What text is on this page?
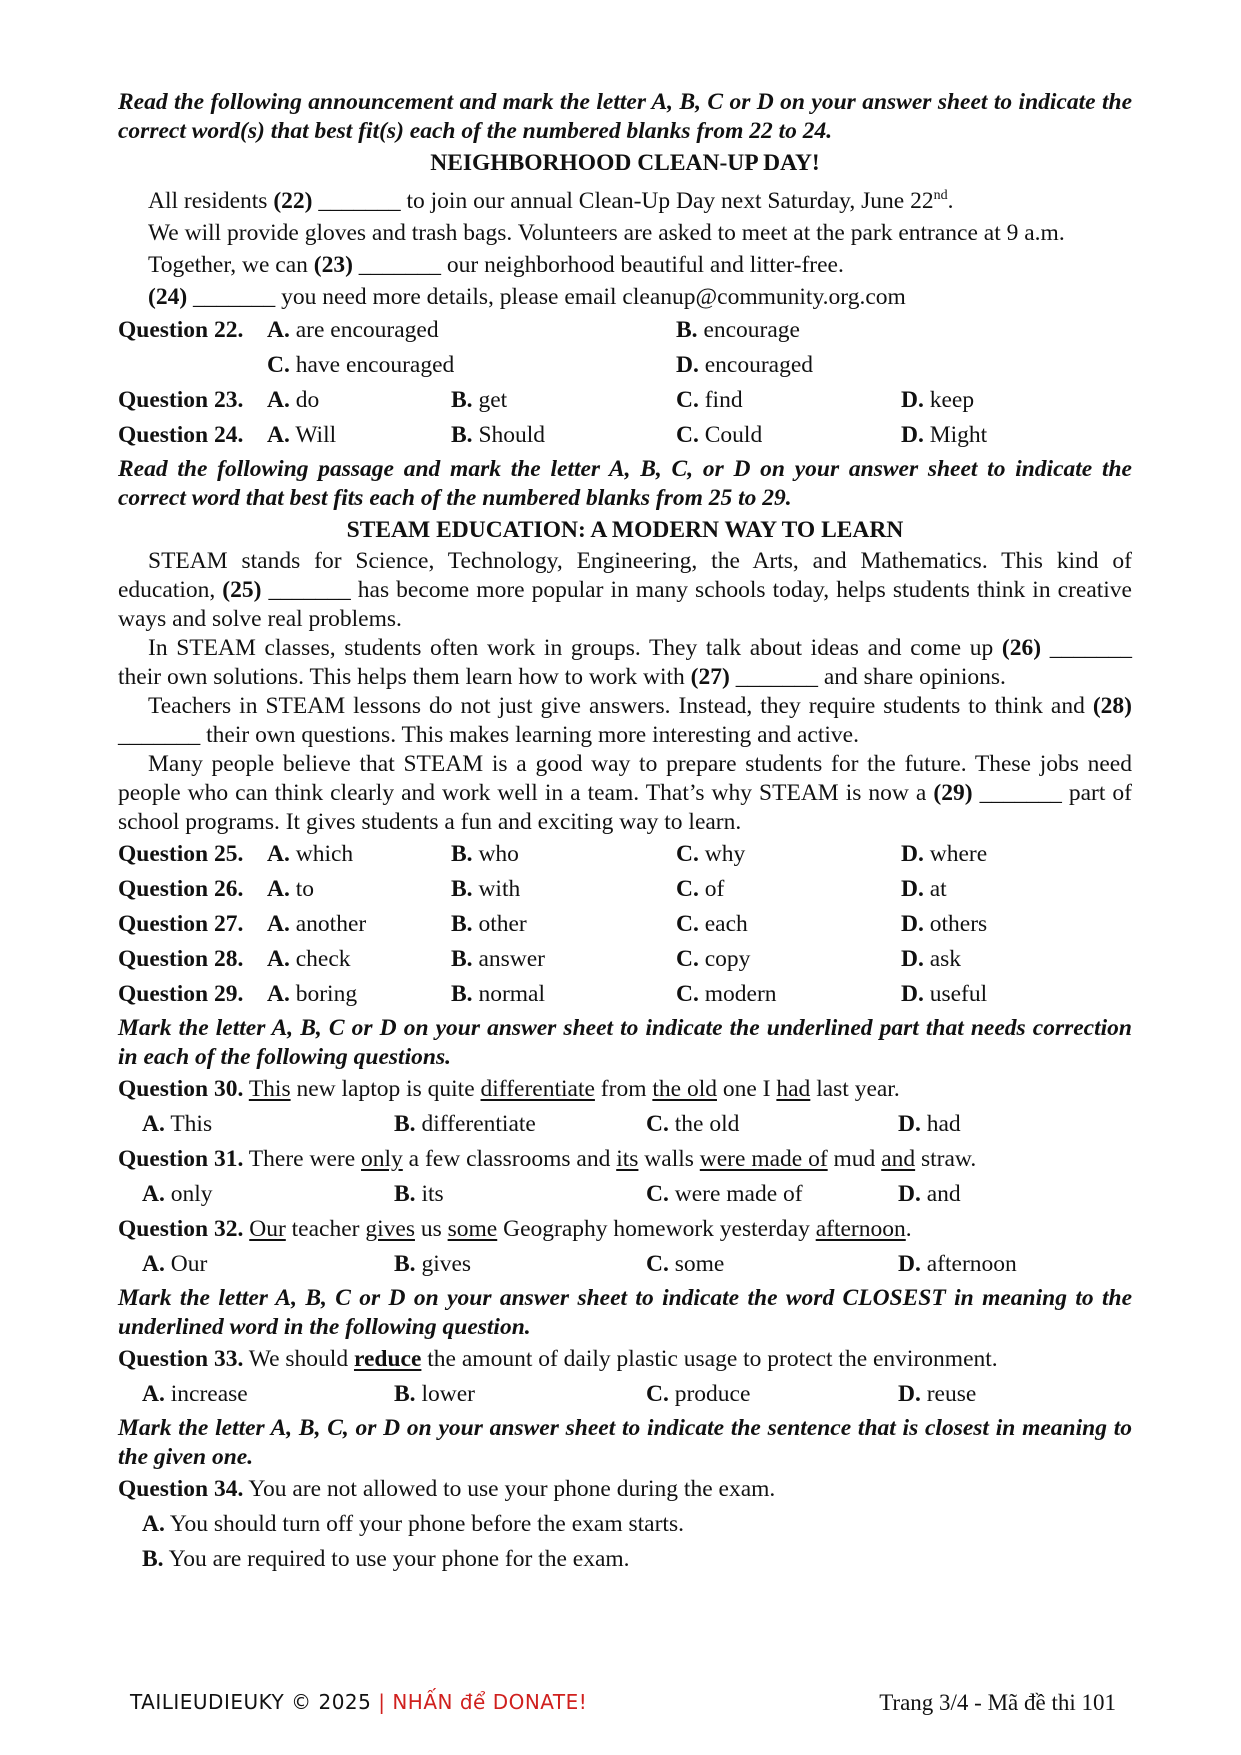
Read the following announcement and mark the letter A, B, C or D on your answer sheet to indicate the correct word(s) that best fit(s) each of the numbered blanks from 22 to 24.

NEIGHBORHOOD CLEAN-UP DAY!

All residents (22) _______ to join our annual Clean-Up Day next Saturday, June 22nd.
We will provide gloves and trash bags. Volunteers are asked to meet at the park entrance at 9 a.m.
Together, we can (23) _______ our neighborhood beautiful and litter-free.
(24) _______ you need more details, please email cleanup@community.org.com
Question 22.	A. are encouraged	B. encourage
C. have encouraged	D. encouraged
Question 23.	A. do	B. get	C. find	D. keep
Question 24.	A. Will	B. Should	C. Could	D. Might

Read the following passage and mark the letter A, B, C, or D on your answer sheet to indicate the correct word that best fits each of the numbered blanks from 25 to 29.

STEAM EDUCATION: A MODERN WAY TO LEARN

STEAM stands for Science, Technology, Engineering, the Arts, and Mathematics. This kind of education, (25) _______ has become more popular in many schools today, helps students think in creative ways and solve real problems.

In STEAM classes, students often work in groups. They talk about ideas and come up (26) _______ their own solutions. This helps them learn how to work with (27) _______ and share opinions.

Teachers in STEAM lessons do not just give answers. Instead, they require students to think and (28) _______ their own questions. This makes learning more interesting and active.

Many people believe that STEAM is a good way to prepare students for the future. These jobs need people who can think clearly and work well in a team. That’s why STEAM is now a (29) _______ part of school programs. It gives students a fun and exciting way to learn.

Question 25.	A. which	B. who	C. why	D. where
Question 26.	A. to	B. with	C. of	D. at
Question 27.	A. another	B. other	C. each	D. others
Question 28.	A. check	B. answer	C. copy	D. ask
Question 29.	A. boring	B. normal	C. modern	D. useful

Mark the letter A, B, C or D on your answer sheet to indicate the underlined part that needs correction in each of the following questions.

Question 30. This new laptop is quite differentiate from the old one I had last year.
A. This	B. differentiate	C. the old	D. had
Question 31. There were only a few classrooms and its walls were made of mud and straw.
A. only	B. its	C. were made of	D. and
Question 32. Our teacher gives us some Geography homework yesterday afternoon.
A. Our	B. gives	C. some	D. afternoon

Mark the letter A, B, C or D on your answer sheet to indicate the word CLOSEST in meaning to the underlined word in the following question.

Question 33. We should reduce the amount of daily plastic usage to protect the environment.
A. increase	B. lower	C. produce	D. reuse

Mark the letter A, B, C, or D on your answer sheet to indicate the sentence that is closest in meaning to the given one.

Question 34. You are not allowed to use your phone during the exam.
A. You should turn off your phone before the exam starts.
B. You are required to use your phone for the exam.
TAILIEUDIEUKY © 2025 | NHẤN để DONATE!	Trang 3/4 - Mã đề thi 101
